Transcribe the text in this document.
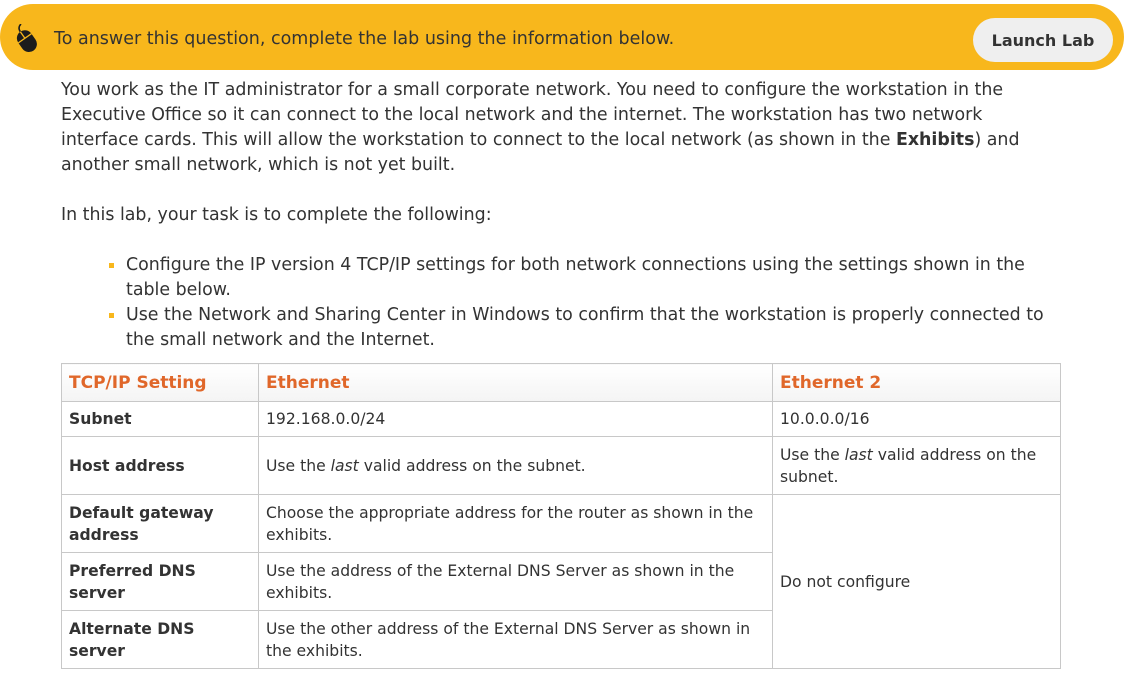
To answer this question, complete the lab using the information below.	Launch Lab

You work as the IT administrator for a small corporate network. You need to configure the workstation in the Executive Office so it can connect to the local network and the internet. The workstation has two network interface cards. This will allow the workstation to connect to the local network (as shown in the Exhibits) and another small network, which is not yet built.

In this lab, your task is to complete the following:

Configure the IP version 4 TCP/IP settings for both network connections using the settings shown in the table below.
Use the Network and Sharing Center in Windows to confirm that the workstation is properly connected to the small network and the Internet.
TCP/IP Setting	Ethernet	Ethernet 2
Subnet	192.168.0.0/24	10.0.0.0/16
Host address	Use the last valid address on the subnet.	Use the last valid address on the subnet.
Default gateway address	Choose the appropriate address for the router as shown in the exhibits.	Do not configure
Preferred DNS server	Use the address of the External DNS Server as shown in the exhibits.	
Alternate DNS server	Use the other address of the External DNS Server as shown in the exhibits.	
